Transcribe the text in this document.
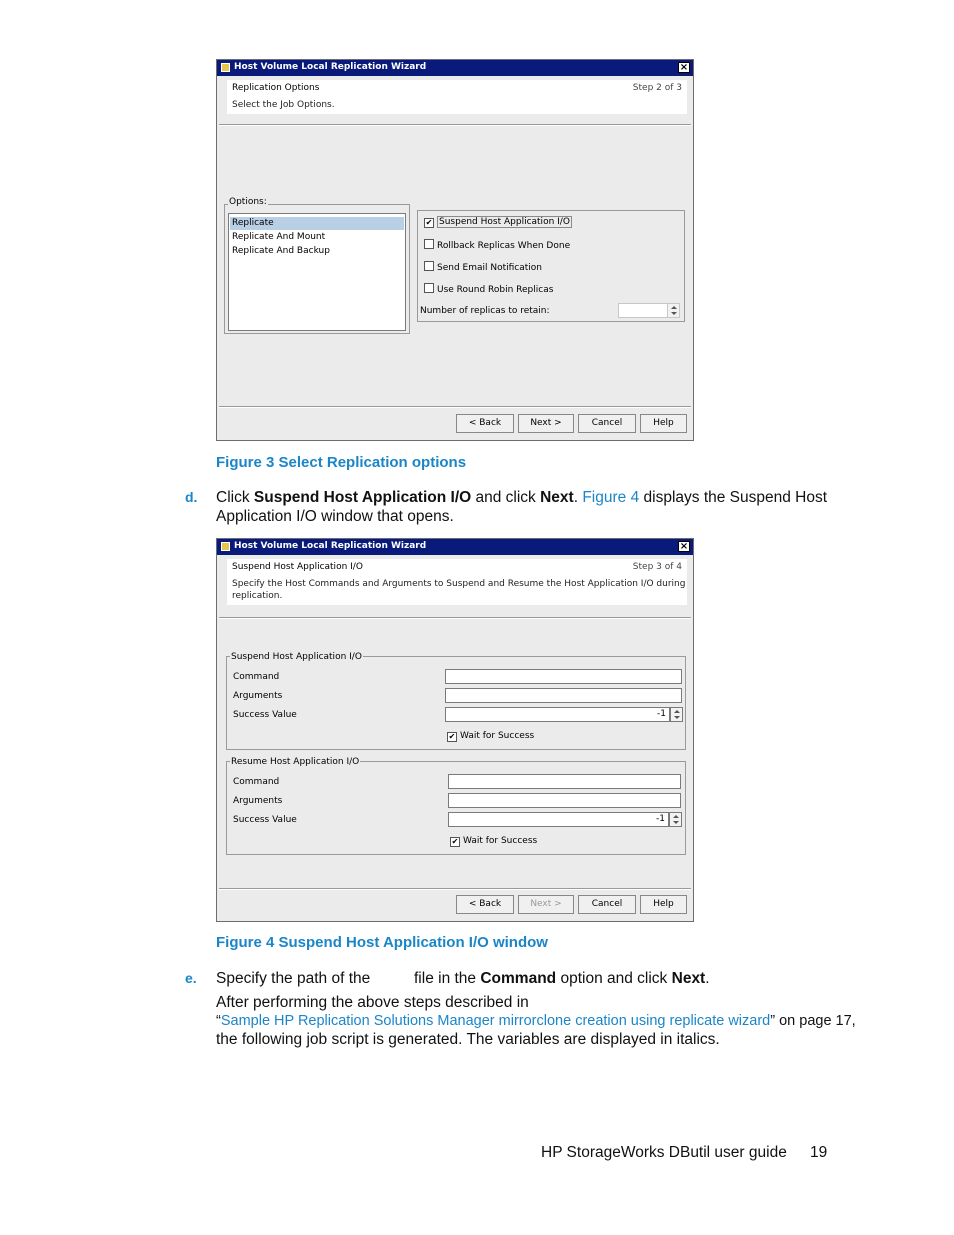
Host Volume Local Replication Wizard	×
Replication Options	Step 2 of 3
Select the Job Options.
Replicate
Replicate And Mount
Replicate And Backup
Options:
✔ Suspend Host Application I/O
Rollback Replicas When Done
Send Email Notification
Use Round Robin Replicas
Number of replicas to retain:
< Back	Next >	Cancel	Help
Figure 3 Select Replication options
d. Click Suspend Host Application I/O and click Next. Figure 4 displays the Suspend Host
Application I/O window that opens.
Host Volume Local Replication Wizard	×
Suspend Host Application I/O	Step 3 of 4
Specify the Host Commands and Arguments to Suspend and Resume the Host Application I/O during
replication.
Command
Arguments
Success Value	-1
✔ Wait for Success
Suspend Host Application I/O
Command
Arguments
Success Value	-1
✔ Wait for Success
Resume Host Application I/O
< Back	Next >	Cancel	Help
Figure 4 Suspend Host Application I/O window
e. Specify the path of the	file in the Command option and click Next.
After performing the above steps described in
“Sample HP Replication Solutions Manager mirrorclone creation using replicate wizard” on page 17,
the following job script is generated. The variables are displayed in italics.
HP StorageWorks DButil user guide 19
